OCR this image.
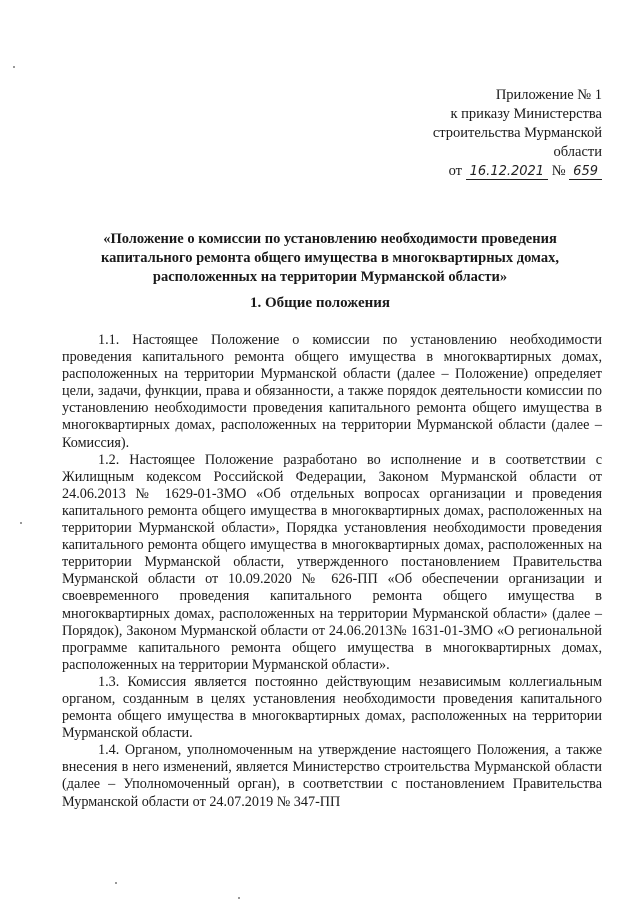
Приложение № 1
к приказу Министерства
строительства Мурманской
области
от 16.12.2021 № 659
«Положение о комиссии по установлению необходимости проведения капитального ремонта общего имущества в многоквартирных домах, расположенных на территории Мурманской области»
1. Общие положения

1.1. Настоящее Положение о комиссии по установлению необходимости проведения капитального ремонта общего имущества в многоквартирных домах, расположенных на территории Мурманской области (далее – Положение) определяет цели, задачи, функции, права и обязанности, а также порядок деятельности комиссии по установлению необходимости проведения капитального ремонта общего имущества в многоквартирных домах, расположенных на территории Мурманской области (далее – Комиссия).

1.2. Настоящее Положение разработано во исполнение и в соответствии с Жилищным кодексом Российской Федерации, Законом Мурманской области от 24.06.2013 № 1629-01-ЗМО «Об отдельных вопросах организации и проведения капитального ремонта общего имущества в многоквартирных домах, расположенных на территории Мурманской области», Порядка установления необходимости проведения капитального ремонта общего имущества в многоквартирных домах, расположенных на территории Мурманской области, утвержденного постановлением Правительства Мурманской области от 10.09.2020 № 626-ПП «Об обеспечении организации и своевременного проведения капитального ремонта общего имущества в многоквартирных домах, расположенных на территории Мурманской области» (далее – Порядок), Законом Мурманской области от 24.06.2013№ 1631-01-ЗМО «О региональной программе капитального ремонта общего имущества в многоквартирных домах, расположенных на территории Мурманской области».

1.3. Комиссия является постоянно действующим независимым коллегиальным органом, созданным в целях установления необходимости проведения капитального ремонта общего имущества в многоквартирных домах, расположенных на территории Мурманской области.

1.4. Органом, уполномоченным на утверждение настоящего Положения, а также внесения в него изменений, является Министерство строительства Мурманской области (далее – Уполномоченный орган), в соответствии с постановлением Правительства Мурманской области от 24.07.2019 № 347-ПП
